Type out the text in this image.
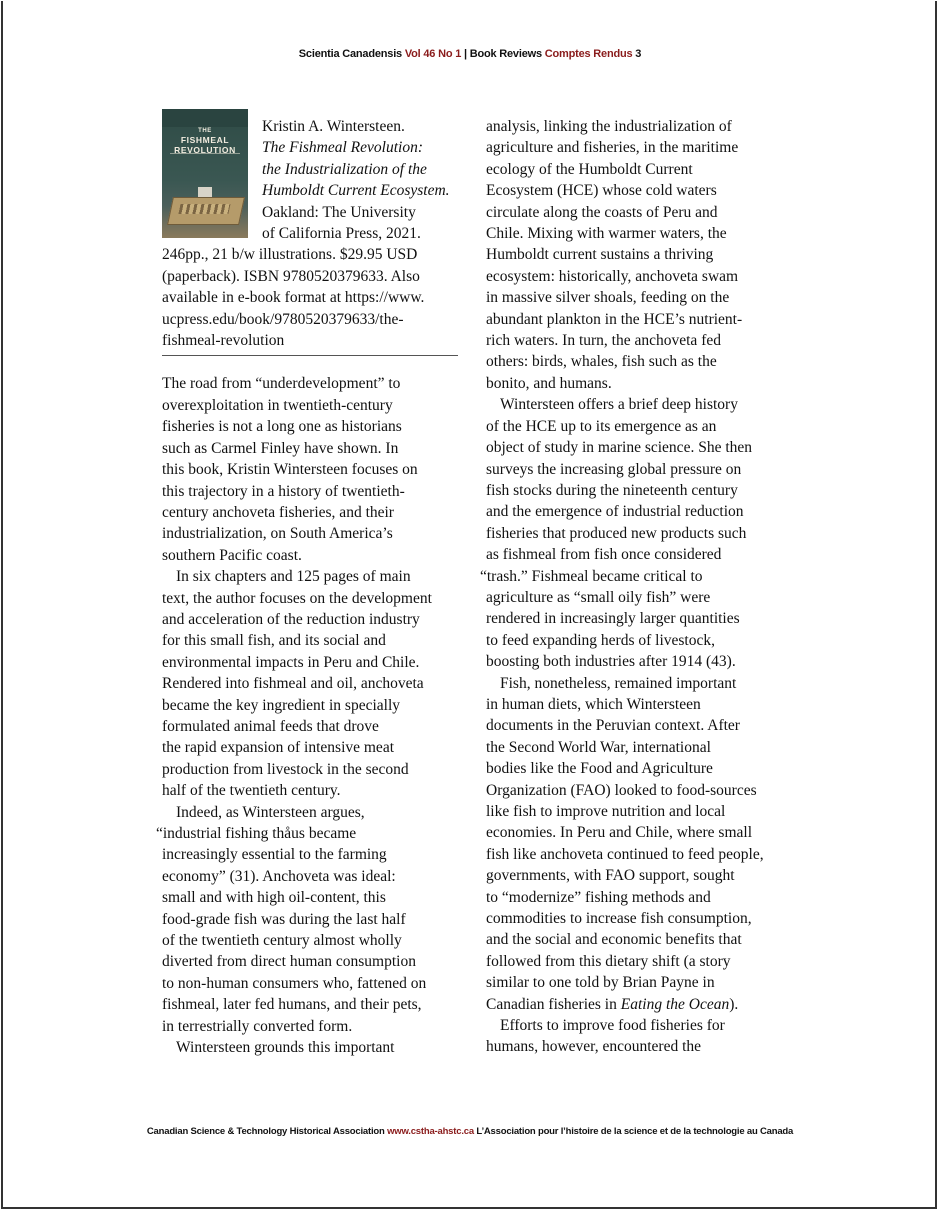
Scientia Canadensis Vol 46 No 1 | Book Reviews Comptes Rendus 3
THE
FISHMEAL
REVOLUTION
Kristin A. Wintersteen.
The Fishmeal Revolution:
the Industrialization of the
Humboldt Current Ecosystem.
Oakland: The University
of California Press, 2021.
246pp., 21 b/w illustrations. $29.95 USD
(paperback). ISBN 9780520379633. Also
available in e-book format at https://www.
ucpress.edu/book/9780520379633/the-
fishmeal-revolution
The road from “underdevelopment” to
overexploitation in twentieth-century
fisheries is not a long one as historians
such as Carmel Finley have shown. In
this book, Kristin Wintersteen focuses on
this trajectory in a history of twentieth-
century anchoveta fisheries, and their
industrialization, on South America’s
southern Pacific coast.
In six chapters and 125 pages of main
text, the author focuses on the development
and acceleration of the reduction industry
for this small fish, and its social and
environmental impacts in Peru and Chile.
Rendered into fishmeal and oil, anchoveta
became the key ingredient in specially
formulated animal feeds that drove
the rapid expansion of intensive meat
production from livestock in the second
half of the twentieth century.
Indeed, as Wintersteen argues,
“industrial fishing thåus became
increasingly essential to the farming
economy” (31). Anchoveta was ideal:
small and with high oil-content, this
food-grade fish was during the last half
of the twentieth century almost wholly
diverted from direct human consumption
to non-human consumers who, fattened on
fishmeal, later fed humans, and their pets,
in terrestrially converted form.
Wintersteen grounds this important
analysis, linking the industrialization of
agriculture and fisheries, in the maritime
ecology of the Humboldt Current
Ecosystem (HCE) whose cold waters
circulate along the coasts of Peru and
Chile. Mixing with warmer waters, the
Humboldt current sustains a thriving
ecosystem: historically, anchoveta swam
in massive silver shoals, feeding on the
abundant plankton in the HCE’s nutrient-
rich waters. In turn, the anchoveta fed
others: birds, whales, fish such as the
bonito, and humans.
Wintersteen offers a brief deep history
of the HCE up to its emergence as an
object of study in marine science. She then
surveys the increasing global pressure on
fish stocks during the nineteenth century
and the emergence of industrial reduction
fisheries that produced new products such
as fishmeal from fish once considered
“trash.” Fishmeal became critical to
agriculture as “small oily fish” were
rendered in increasingly larger quantities
to feed expanding herds of livestock,
boosting both industries after 1914 (43).
Fish, nonetheless, remained important
in human diets, which Wintersteen
documents in the Peruvian context. After
the Second World War, international
bodies like the Food and Agriculture
Organization (FAO) looked to food-sources
like fish to improve nutrition and local
economies. In Peru and Chile, where small
fish like anchoveta continued to feed people,
governments, with FAO support, sought
to “modernize” fishing methods and
commodities to increase fish consumption,
and the social and economic benefits that
followed from this dietary shift (a story
similar to one told by Brian Payne in
Canadian fisheries in Eating the Ocean).
Efforts to improve food fisheries for
humans, however, encountered the
Canadian Science & Technology Historical Association www.cstha-ahstc.ca L’Association pour l’histoire de la science et de la technologie au Canada
